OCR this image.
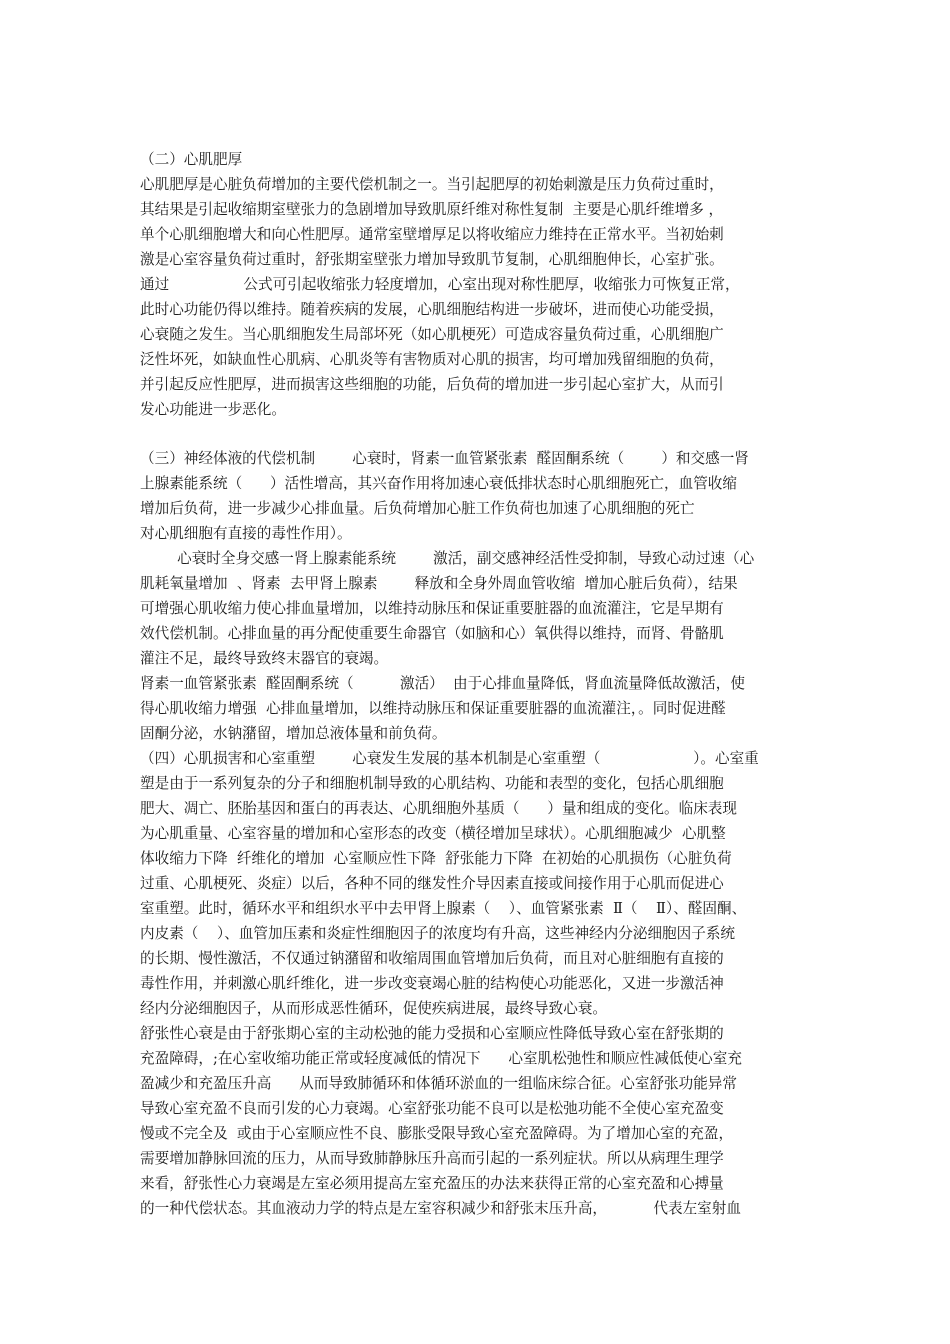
（二）心肌肥厚
心肌肥厚是心脏负荷增加的主要代偿机制之一。当引起肥厚的初始刺激是压力负荷过重时，
其结果是引起收缩期室壁张力的急剧增加导致肌原纤维对称性复制  主要是心肌纤维增多 ，
单个心肌细胞增大和向心性肥厚。通常室壁增厚足以将收缩应力维持在正常水平。当初始刺
激是心室容量负荷过重时，舒张期室壁张力增加导致肌节复制，心肌细胞伸长，心室扩张。
通过                公式可引起收缩张力轻度增加，心室出现对称性肥厚，收缩张力可恢复正常，
此时心功能仍得以维持。随着疾病的发展，心肌细胞结构进一步破坏，进而使心功能受损，
心衰随之发生。当心肌细胞发生局部坏死（如心肌梗死）可造成容量负荷过重，心肌细胞广
泛性坏死，如缺血性心肌病、心肌炎等有害物质对心肌的损害，均可增加残留细胞的负荷，
并引起反应性肥厚，进而损害这些细胞的功能，后负荷的增加进一步引起心室扩大，从而引
发心功能进一步恶化。
（三）神经体液的代偿机制        心衰时，肾素一血管紧张素  醛固酮系统（        ）和交感一肾
上腺素能系统（      ）活性增高，其兴奋作用将加速心衰低排状态时心肌细胞死亡，血管收缩
增加后负荷，进一步减少心排血量。后负荷增加心脏工作负荷也加速了心肌细胞的死亡
对心肌细胞有直接的毒性作用）。
心衰时全身交感一肾上腺素能系统        激活，副交感神经活性受抑制，导致心动过速（心
肌耗氧量增加  、肾素  去甲肾上腺素        释放和全身外周血管收缩  增加心脏后负荷），结果
可增强心肌收缩力使心排血量增加，以维持动脉压和保证重要脏器的血流灌注，它是早期有
效代偿机制。心排血量的再分配使重要生命器官（如脑和心）氧供得以维持，而肾、骨骼肌
灌注不足，最终导致终末器官的衰竭。
肾素一血管紧张素  醛固酮系统（          激活）  由于心排血量降低，肾血流量降低故激活，使
得心肌收缩力增强  心排血量增加，以维持动脉压和保证重要脏器的血流灌注，。同时促进醛
固酮分泌，水钠潴留，增加总液体量和前负荷。
（四）心肌损害和心室重塑        心衰发生发展的基本机制是心室重塑（                    ）。心室重
塑是由于一系列复杂的分子和细胞机制导致的心肌结构、功能和表型的变化，包括心肌细胞
肥大、凋亡、胚胎基因和蛋白的再表达、心肌细胞外基质（      ）量和组成的变化。临床表现
为心肌重量、心室容量的增加和心室形态的改变（横径增加呈球状）。心肌细胞减少  心肌整
体收缩力下降  纤维化的增加  心室顺应性下降  舒张能力下降  在初始的心肌损伤（心脏负荷
过重、心肌梗死、炎症）以后，各种不同的继发性介导因素直接或间接作用于心肌而促进心
室重塑。此时，循环水平和组织水平中去甲肾上腺素（    ）、血管紧张素  Ⅱ（    Ⅱ）、醛固酮、
内皮素（    ）、血管加压素和炎症性细胞因子的浓度均有升高，这些神经内分泌细胞因子系统
的长期、慢性激活，不仅通过钠潴留和收缩周围血管增加后负荷，而且对心脏细胞有直接的
毒性作用，并刺激心肌纤维化，进一步改变衰竭心脏的结构使心功能恶化，又进一步激活神
经内分泌细胞因子，从而形成恶性循环，促使疾病进展，最终导致心衰。
舒张性心衰是由于舒张期心室的主动松弛的能力受损和心室顺应性降低导致心室在舒张期的
充盈障碍，;在心室收缩功能正常或轻度减低的情况下      心室肌松弛性和顺应性减低使心室充
盈减少和充盈压升高      从而导致肺循环和体循环淤血的一组临床综合征。心室舒张功能异常
导致心室充盈不良而引发的心力衰竭。心室舒张功能不良可以是松弛功能不全使心室充盈变
慢或不完全及  或由于心室顺应性不良、膨胀受限导致心室充盈障碍。为了增加心室的充盈，
需要增加静脉回流的压力，从而导致肺静脉压升高而引起的一系列症状。所以从病理生理学
来看，舒张性心力衰竭是左室必须用提高左室充盈压的办法来获得正常的心室充盈和心搏量
的一种代偿状态。其血液动力学的特点是左室容积减少和舒张末压升高，          代表左室射血
